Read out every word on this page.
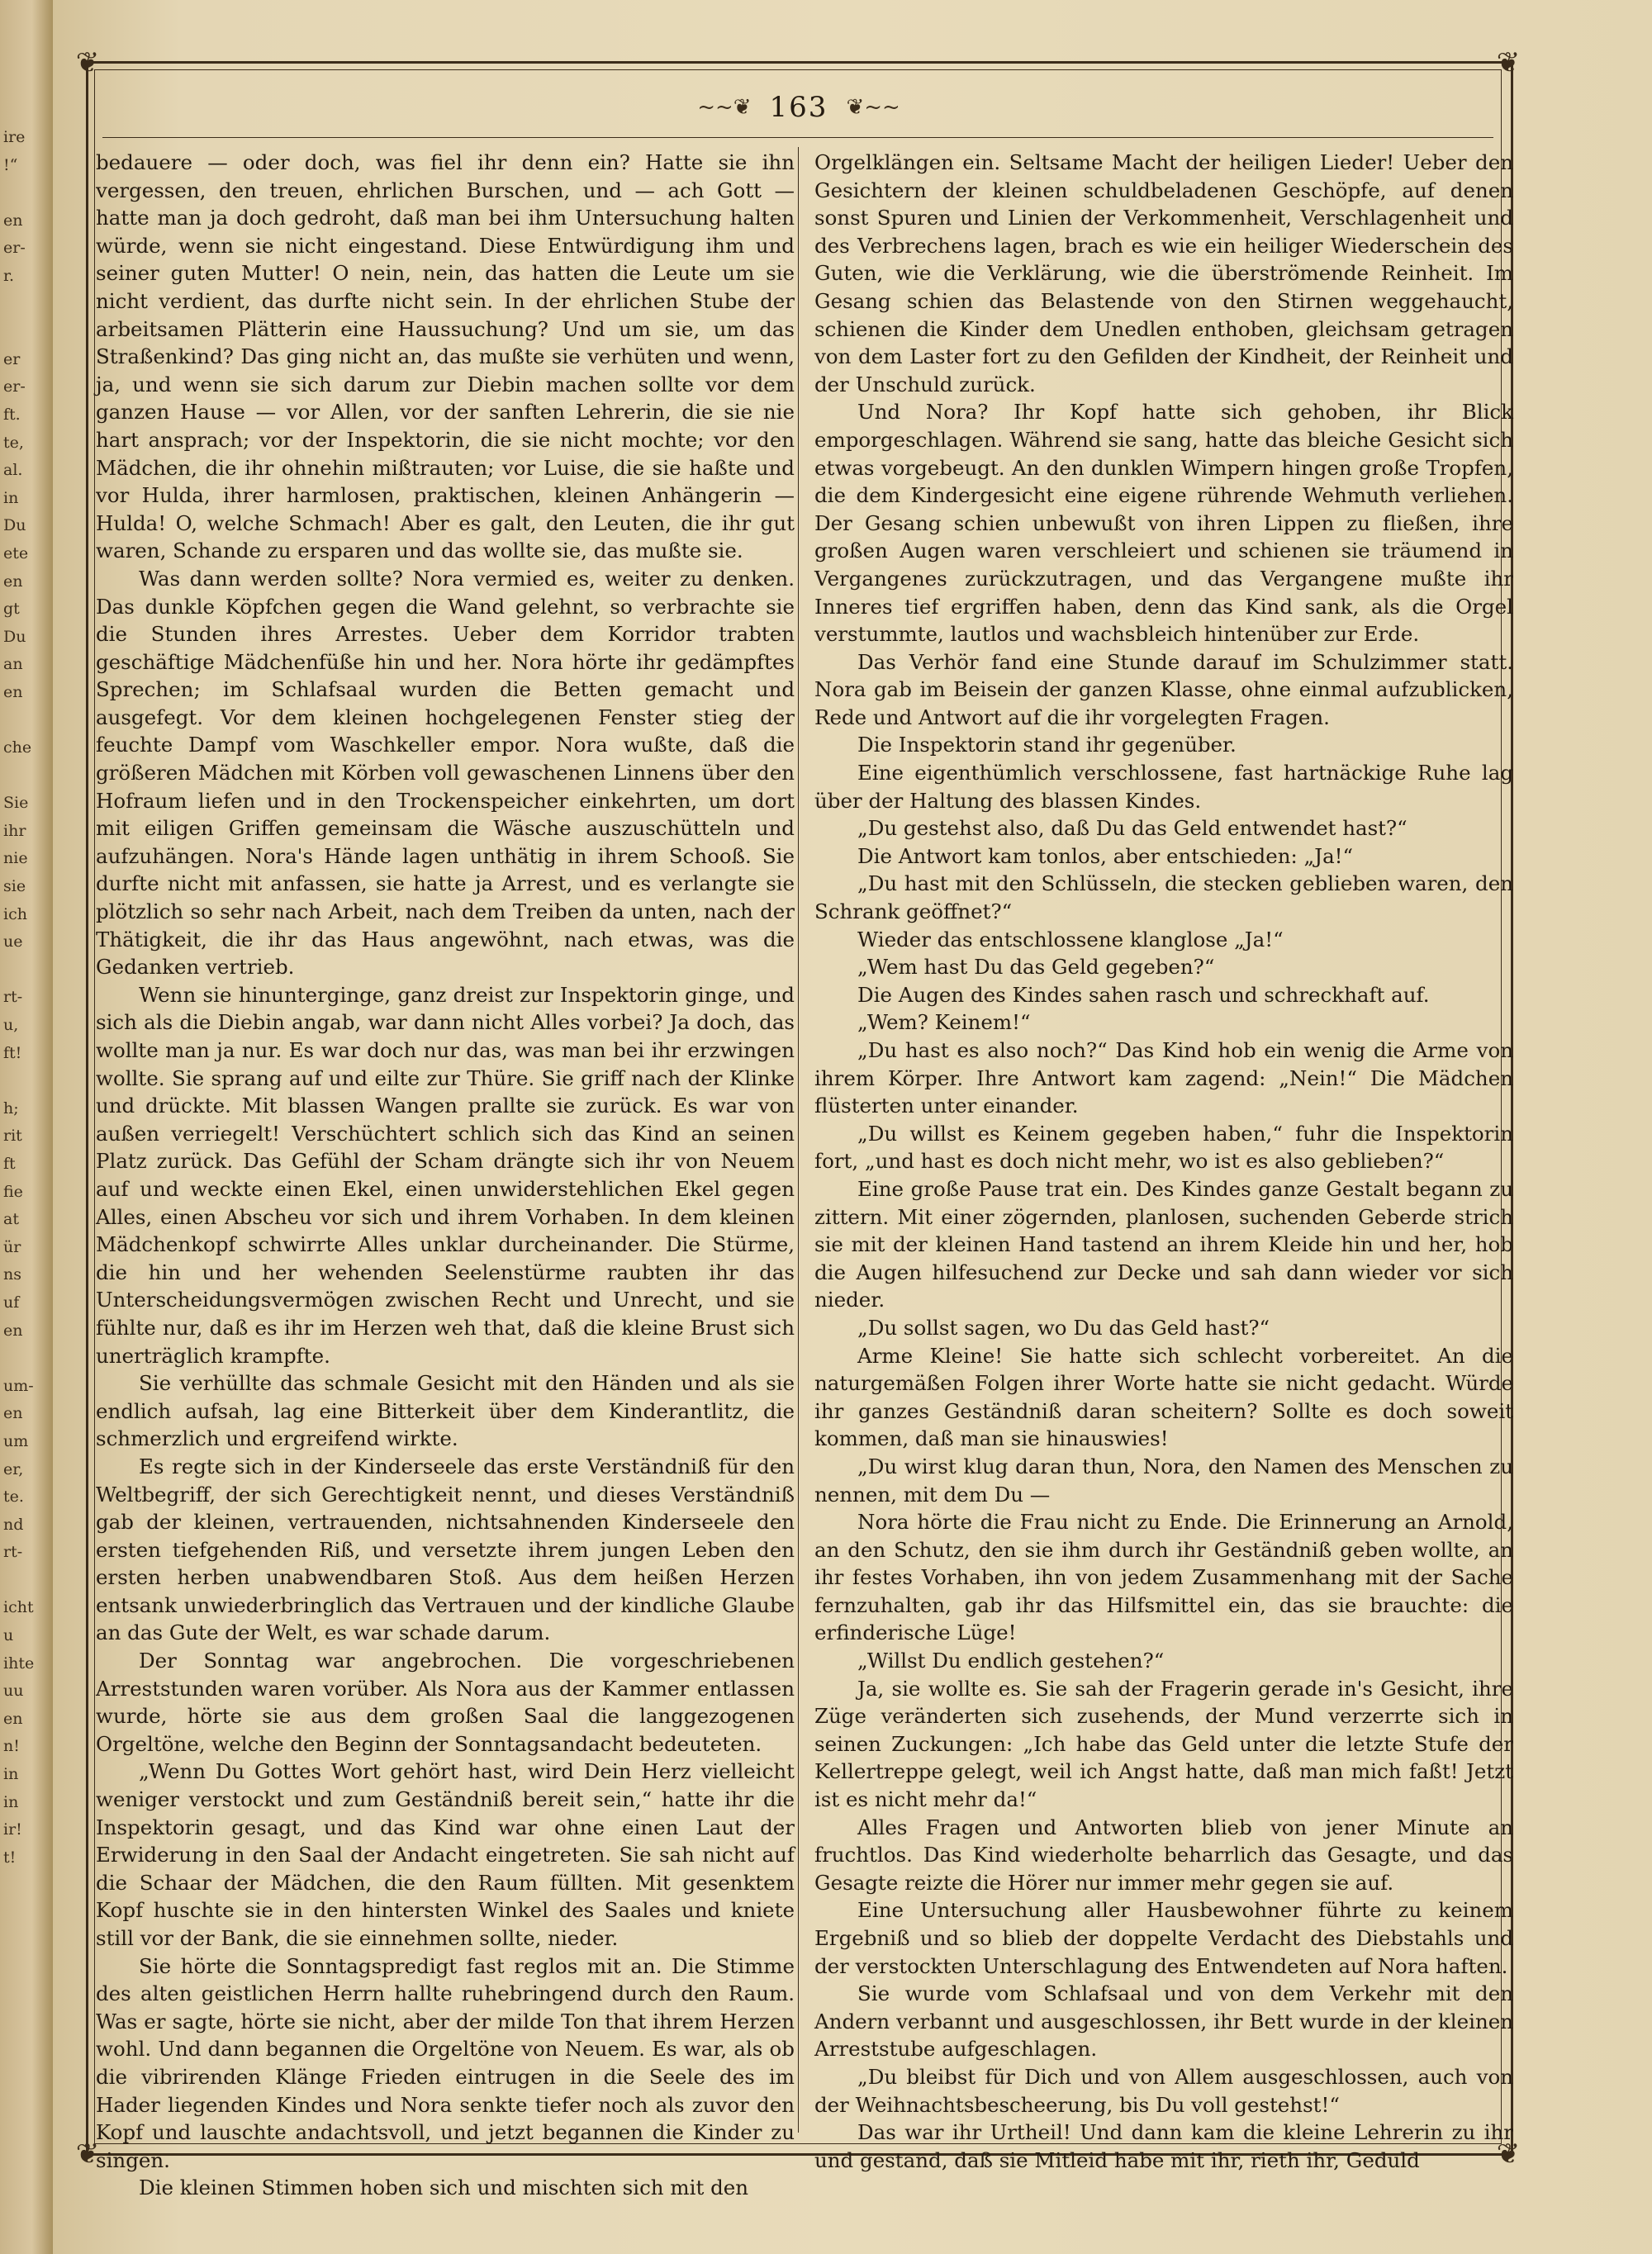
ire
!“

en
er-
r.

er
er-
ft.
te,
al.
in
Du
ete
en
gt
Du
an
en

che

Sie
ihr
nie
sie
ich
ue

rt-
u,
ft!

h;
rit
ft
fie
at
ür
ns
uf
en

um-
en
um
er,
te.
nd
rt-

icht
u
ihte
uu
en
n!
in
in
ir!
t!
❦	❦
❦	❦
~~❦ 163 ❦~~

bedauere — oder doch, was fiel ihr denn ein? Hatte sie ihn vergessen, den treuen, ehrlichen Burschen, und — ach Gott — hatte man ja doch gedroht, daß man bei ihm Untersuchung halten würde, wenn sie nicht eingestand. Diese Entwürdigung ihm und seiner guten Mutter! O nein, nein, das hatten die Leute um sie nicht verdient, das durfte nicht sein. In der ehrlichen Stube der arbeitsamen Plätterin eine Haussuchung? Und um sie, um das Straßenkind? Das ging nicht an, das mußte sie verhüten und wenn, ja, und wenn sie sich darum zur Diebin machen sollte vor dem ganzen Hause — vor Allen, vor der sanften Lehrerin, die sie nie hart ansprach; vor der Inspektorin, die sie nicht mochte; vor den Mädchen, die ihr ohnehin mißtrauten; vor Luise, die sie haßte und vor Hulda, ihrer harmlosen, praktischen, kleinen Anhängerin — Hulda! O, welche Schmach! Aber es galt, den Leuten, die ihr gut waren, Schande zu ersparen und das wollte sie, das mußte sie.

Was dann werden sollte? Nora vermied es, weiter zu denken. Das dunkle Köpfchen gegen die Wand gelehnt, so verbrachte sie die Stunden ihres Arrestes. Ueber dem Korridor trabten geschäftige Mädchenfüße hin und her. Nora hörte ihr gedämpftes Sprechen; im Schlafsaal wurden die Betten gemacht und ausgefegt. Vor dem kleinen hochgelegenen Fenster stieg der feuchte Dampf vom Waschkeller empor. Nora wußte, daß die größeren Mädchen mit Körben voll gewaschenen Linnens über den Hofraum liefen und in den Trockenspeicher einkehrten, um dort mit eiligen Griffen gemeinsam die Wäsche auszuschütteln und aufzuhängen. Nora's Hände lagen unthätig in ihrem Schooß. Sie durfte nicht mit anfassen, sie hatte ja Arrest, und es verlangte sie plötzlich so sehr nach Arbeit, nach dem Treiben da unten, nach der Thätigkeit, die ihr das Haus angewöhnt, nach etwas, was die Gedanken vertrieb.

Wenn sie hinunterginge, ganz dreist zur Inspektorin ginge, und sich als die Diebin angab, war dann nicht Alles vorbei? Ja doch, das wollte man ja nur. Es war doch nur das, was man bei ihr erzwingen wollte. Sie sprang auf und eilte zur Thüre. Sie griff nach der Klinke und drückte. Mit blassen Wangen prallte sie zurück. Es war von außen verriegelt! Verschüchtert schlich sich das Kind an seinen Platz zurück. Das Gefühl der Scham drängte sich ihr von Neuem auf und weckte einen Ekel, einen unwiderstehlichen Ekel gegen Alles, einen Abscheu vor sich und ihrem Vorhaben. In dem kleinen Mädchenkopf schwirrte Alles unklar durcheinander. Die Stürme, die hin und her wehenden Seelenstürme raubten ihr das Unterscheidungsvermögen zwischen Recht und Unrecht, und sie fühlte nur, daß es ihr im Herzen weh that, daß die kleine Brust sich unerträglich krampfte.

Sie verhüllte das schmale Gesicht mit den Händen und als sie endlich aufsah, lag eine Bitterkeit über dem Kinderantlitz, die schmerzlich und ergreifend wirkte.

Es regte sich in der Kinderseele das erste Verständniß für den Weltbegriff, der sich Gerechtigkeit nennt, und dieses Verständniß gab der kleinen, vertrauenden, nichtsahnenden Kinderseele den ersten tiefgehenden Riß, und versetzte ihrem jungen Leben den ersten herben unabwendbaren Stoß. Aus dem heißen Herzen entsank unwiederbringlich das Vertrauen und der kindliche Glaube an das Gute der Welt, es war schade darum.

Der Sonntag war angebrochen. Die vorgeschriebenen Arreststunden waren vorüber. Als Nora aus der Kammer entlassen wurde, hörte sie aus dem großen Saal die langgezogenen Orgeltöne, welche den Beginn der Sonntagsandacht bedeuteten.

„Wenn Du Gottes Wort gehört hast, wird Dein Herz vielleicht weniger verstockt und zum Geständniß bereit sein,“ hatte ihr die Inspektorin gesagt, und das Kind war ohne einen Laut der Erwiderung in den Saal der Andacht eingetreten. Sie sah nicht auf die Schaar der Mädchen, die den Raum füllten. Mit gesenktem Kopf huschte sie in den hintersten Winkel des Saales und kniete still vor der Bank, die sie einnehmen sollte, nieder.

Sie hörte die Sonntagspredigt fast reglos mit an. Die Stimme des alten geistlichen Herrn hallte ruhebringend durch den Raum. Was er sagte, hörte sie nicht, aber der milde Ton that ihrem Herzen wohl. Und dann begannen die Orgeltöne von Neuem. Es war, als ob die vibrirenden Klänge Frieden eintrugen in die Seele des im Hader liegenden Kindes und Nora senkte tiefer noch als zuvor den Kopf und lauschte andachtsvoll, und jetzt begannen die Kinder zu singen.

Die kleinen Stimmen hoben sich und mischten sich mit den

Orgelklängen ein. Seltsame Macht der heiligen Lieder! Ueber den Gesichtern der kleinen schuldbeladenen Geschöpfe, auf denen sonst Spuren und Linien der Verkommenheit, Verschlagenheit und des Verbrechens lagen, brach es wie ein heiliger Wiederschein des Guten, wie die Verklärung, wie die überströmende Reinheit. Im Gesang schien das Belastende von den Stirnen weggehaucht, schienen die Kinder dem Unedlen enthoben, gleichsam getragen von dem Laster fort zu den Gefilden der Kindheit, der Reinheit und der Unschuld zurück.

Und Nora? Ihr Kopf hatte sich gehoben, ihr Blick emporgeschlagen. Während sie sang, hatte das bleiche Gesicht sich etwas vorgebeugt. An den dunklen Wimpern hingen große Tropfen, die dem Kindergesicht eine eigene rührende Wehmuth verliehen. Der Gesang schien unbewußt von ihren Lippen zu fließen, ihre großen Augen waren verschleiert und schienen sie träumend in Vergangenes zurückzutragen, und das Vergangene mußte ihr Inneres tief ergriffen haben, denn das Kind sank, als die Orgel verstummte, lautlos und wachsbleich hintenüber zur Erde.

Das Verhör fand eine Stunde darauf im Schulzimmer statt. Nora gab im Beisein der ganzen Klasse, ohne einmal aufzublicken, Rede und Antwort auf die ihr vorgelegten Fragen.

Die Inspektorin stand ihr gegenüber.

Eine eigenthümlich verschlossene, fast hartnäckige Ruhe lag über der Haltung des blassen Kindes.

„Du gestehst also, daß Du das Geld entwendet hast?“

Die Antwort kam tonlos, aber entschieden: „Ja!“

„Du hast mit den Schlüsseln, die stecken geblieben waren, den Schrank geöffnet?“

Wieder das entschlossene klanglose „Ja!“

„Wem hast Du das Geld gegeben?“

Die Augen des Kindes sahen rasch und schreckhaft auf.

„Wem? Keinem!“

„Du hast es also noch?“ Das Kind hob ein wenig die Arme von ihrem Körper. Ihre Antwort kam zagend: „Nein!“ Die Mädchen flüsterten unter einander.

„Du willst es Keinem gegeben haben,“ fuhr die Inspektorin fort, „und hast es doch nicht mehr, wo ist es also geblieben?“

Eine große Pause trat ein. Des Kindes ganze Gestalt begann zu zittern. Mit einer zögernden, planlosen, suchenden Geberde strich sie mit der kleinen Hand tastend an ihrem Kleide hin und her, hob die Augen hilfesuchend zur Decke und sah dann wieder vor sich nieder.

„Du sollst sagen, wo Du das Geld hast?“

Arme Kleine! Sie hatte sich schlecht vorbereitet. An die naturgemäßen Folgen ihrer Worte hatte sie nicht gedacht. Würde ihr ganzes Geständniß daran scheitern? Sollte es doch soweit kommen, daß man sie hinauswies!

„Du wirst klug daran thun, Nora, den Namen des Menschen zu nennen, mit dem Du —

Nora hörte die Frau nicht zu Ende. Die Erinnerung an Arnold, an den Schutz, den sie ihm durch ihr Geständniß geben wollte, an ihr festes Vorhaben, ihn von jedem Zusammenhang mit der Sache fernzuhalten, gab ihr das Hilfsmittel ein, das sie brauchte: die erfinderische Lüge!

„Willst Du endlich gestehen?“

Ja, sie wollte es. Sie sah der Fragerin gerade in's Gesicht, ihre Züge veränderten sich zusehends, der Mund verzerrte sich in seinen Zuckungen: „Ich habe das Geld unter die letzte Stufe der Kellertreppe gelegt, weil ich Angst hatte, daß man mich faßt! Jetzt ist es nicht mehr da!“

Alles Fragen und Antworten blieb von jener Minute an fruchtlos. Das Kind wiederholte beharrlich das Gesagte, und das Gesagte reizte die Hörer nur immer mehr gegen sie auf.

Eine Untersuchung aller Hausbewohner führte zu keinem Ergebniß und so blieb der doppelte Verdacht des Diebstahls und der verstockten Unterschlagung des Entwendeten auf Nora haften.

Sie wurde vom Schlafsaal und von dem Verkehr mit den Andern verbannt und ausgeschlossen, ihr Bett wurde in der kleinen Arreststube aufgeschlagen.

„Du bleibst für Dich und von Allem ausgeschlossen, auch von der Weihnachtsbescheerung, bis Du voll gestehst!“

Das war ihr Urtheil! Und dann kam die kleine Lehrerin zu ihr und gestand, daß sie Mitleid habe mit ihr, rieth ihr, Geduld
